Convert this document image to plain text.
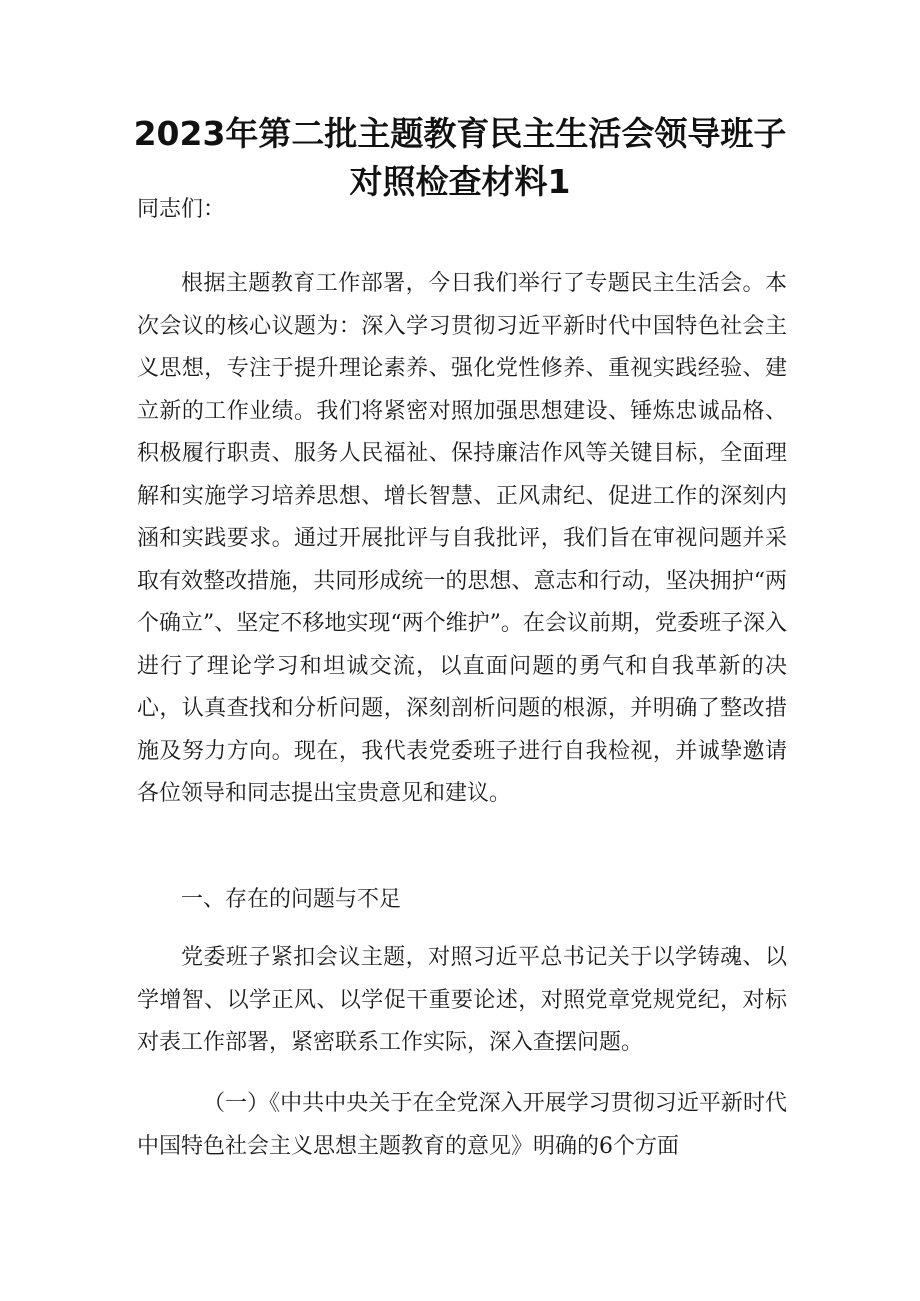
2023年第二批主题教育民主生活会领导班子
对照检查材料1
同志们：

根据主题教育工作部署，今日我们举行了专题民主生活会。本次会议的核心议题为：深入学习贯彻习近平新时代中国特色社会主义思想，专注于提升理论素养、强化党性修养、重视实践经验、建立新的工作业绩。我们将紧密对照加强思想建设、锤炼忠诚品格、积极履行职责、服务人民福祉、保持廉洁作风等关键目标，全面理解和实施学习培养思想、增长智慧、正风肃纪、促进工作的深刻内涵和实践要求。通过开展批评与自我批评，我们旨在审视问题并采取有效整改措施，共同形成统一的思想、意志和行动，坚决拥护“两个确立”、坚定不移地实现“两个维护”。在会议前期，党委班子深入进行了理论学习和坦诚交流，以直面问题的勇气和自我革新的决心，认真查找和分析问题，深刻剖析问题的根源，并明确了整改措施及努力方向。现在，我代表党委班子进行自我检视，并诚挚邀请各位领导和同志提出宝贵意见和建议。

一、存在的问题与不足

党委班子紧扣会议主题，对照习近平总书记关于以学铸魂、以学增智、以学正风、以学促干重要论述，对照党章党规党纪，对标对表工作部署，紧密联系工作实际，深入查摆问题。

（一）《中共中央关于在全党深入开展学习贯彻习近平新时代中国特色社会主义思想主题教育的意见》明确的6个方面
